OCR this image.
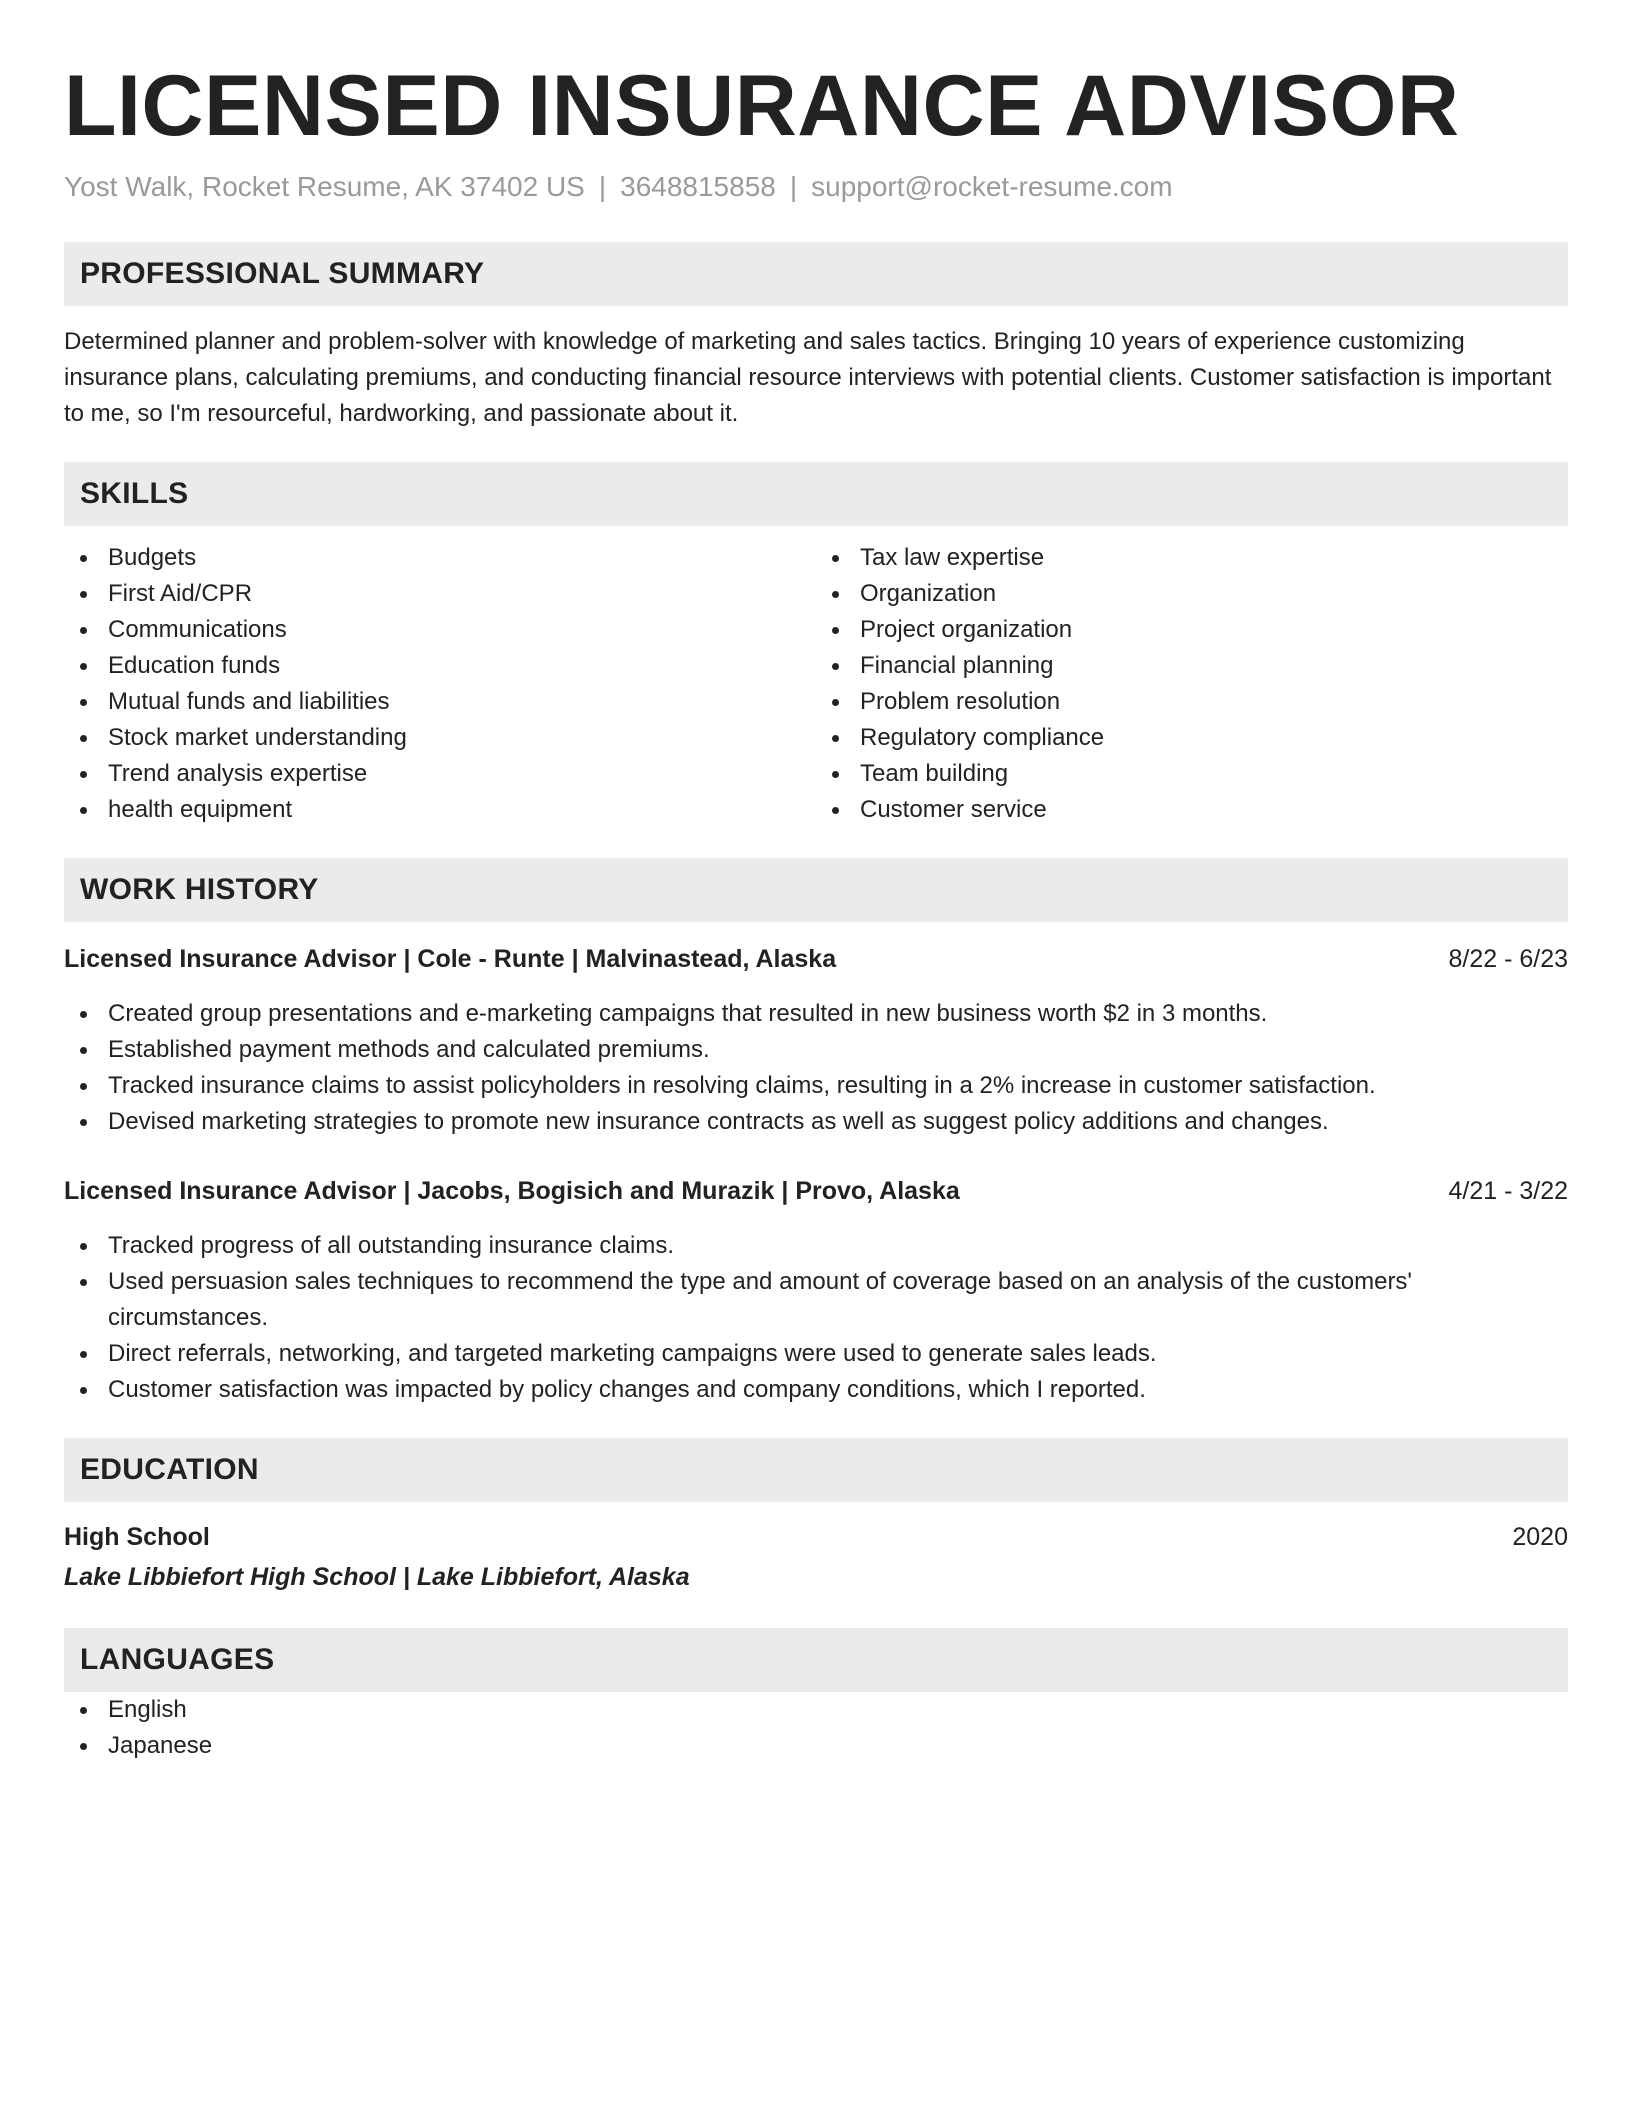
LICENSED INSURANCE ADVISOR
Yost Walk, Rocket Resume, AK 37402 US | 3648815858 | support@rocket-resume.com
PROFESSIONAL SUMMARY

Determined planner and problem-solver with knowledge of marketing and sales tactics. Bringing 10 years of experience customizing insurance plans, calculating premiums, and conducting financial resource interviews with potential clients. Customer satisfaction is important to me, so I'm resourceful, hardworking, and passionate about it.

SKILLS
Budgets
First Aid/CPR
Communications
Education funds
Mutual funds and liabilities
Stock market understanding
Trend analysis expertise
health equipment
Tax law expertise
Organization
Project organization
Financial planning
Problem resolution
Regulatory compliance
Team building
Customer service
WORK HISTORY
Licensed Insurance Advisor | Cole - Runte | Malvinastead, Alaska	8/22 - 6/23
Created group presentations and e-marketing campaigns that resulted in new business worth $2 in 3 months.
Established payment methods and calculated premiums.
Tracked insurance claims to assist policyholders in resolving claims, resulting in a 2% increase in customer satisfaction.
Devised marketing strategies to promote new insurance contracts as well as suggest policy additions and changes.
Licensed Insurance Advisor | Jacobs, Bogisich and Murazik | Provo, Alaska	4/21 - 3/22
Tracked progress of all outstanding insurance claims.
Used persuasion sales techniques to recommend the type and amount of coverage based on an analysis of the customers' circumstances.
Direct referrals, networking, and targeted marketing campaigns were used to generate sales leads.
Customer satisfaction was impacted by policy changes and company conditions, which I reported.
EDUCATION
High School	2020
Lake Libbiefort High School | Lake Libbiefort, Alaska
LANGUAGES
English
Japanese
